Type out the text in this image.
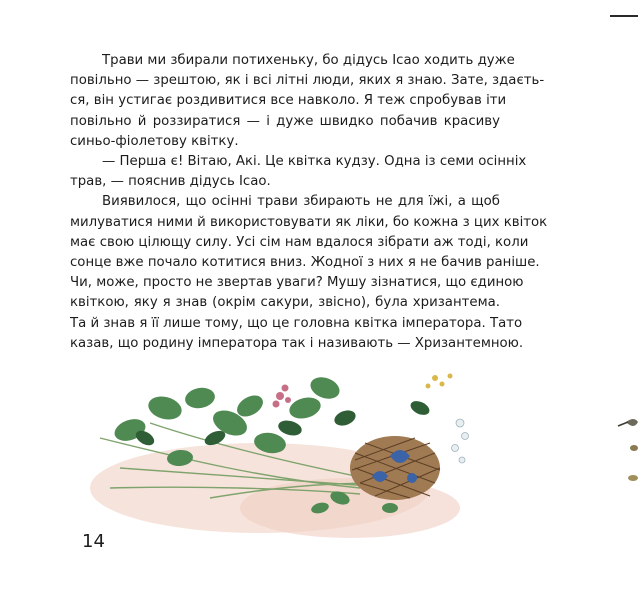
Трави ми збирали потихеньку, бо дідусь Ісао ходить дуже

повільно — зрештою, як і всі літні люди, яких я знаю. Зате, здаєть-
ся, він устигає роздивитися все навколо. Я теж спробував іти
повільно й роззиратися — і дуже швидко побачив красиву
синьо-фіолетову квітку.

— Перша є! Вітаю, Акі. Це квітка кудзу. Одна із семи осінніх

трав, — пояснив дідусь Ісао.

Виявилося, що осінні трави збирають не для їжі, а щоб

милуватися ними й використовувати як ліки, бо кожна з цих квіток
має свою цілющу силу. Усі сім нам вдалося зібрати аж тоді, коли
сонце вже почало котитися вниз. Жодної з них я не бачив раніше.
Чи, може, просто не звертав уваги? Мушу зізнатися, що єдиною
квіткою, яку я знав (окрім сакури, звісно), була хризантема.
Та й знав я її лише тому, що це головна квітка імператора. Тато
казав, що родину імператора так і називають — Хризантемною.
14
